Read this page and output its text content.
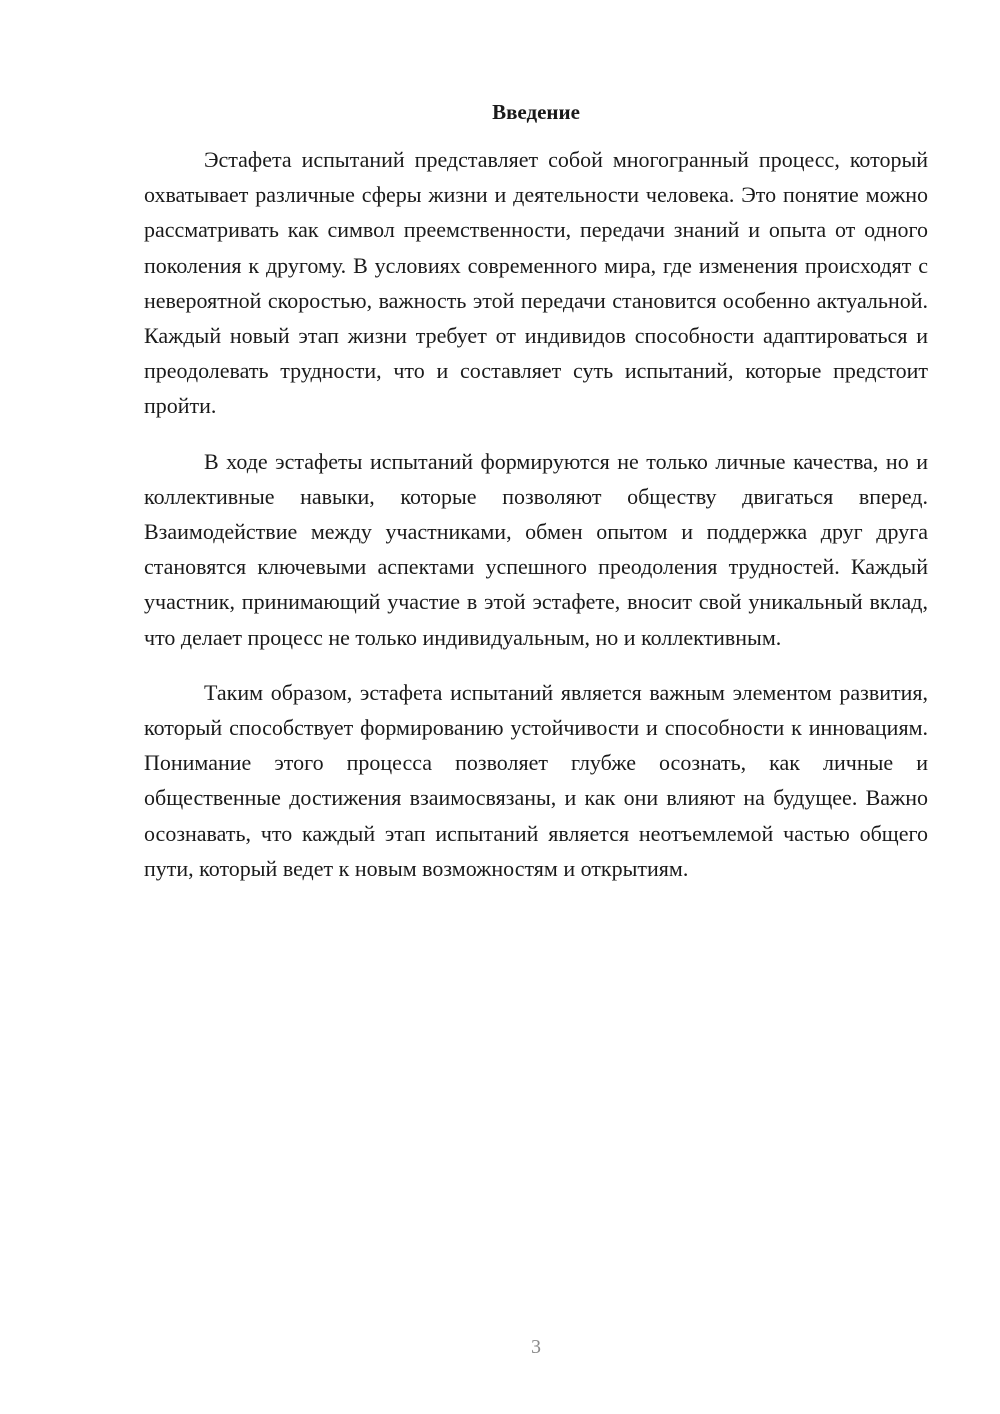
Введение

Эстафета испытаний представляет собой многогранный процесс, который охватывает различные сферы жизни и деятельности человека. Это понятие можно рассматривать как символ преемственности, передачи знаний и опыта от одного поколения к другому. В условиях современного мира, где изменения происходят с невероятной скоростью, важность этой передачи становится особенно актуальной. Каждый новый этап жизни требует от индивидов способности адаптироваться и преодолевать трудности, что и составляет суть испытаний, которые предстоит пройти.

В ходе эстафеты испытаний формируются не только личные качества, но и коллективные навыки, которые позволяют обществу двигаться вперед. Взаимодействие между участниками, обмен опытом и поддержка друг друга становятся ключевыми аспектами успешного преодоления трудностей. Каждый участник, принимающий участие в этой эстафете, вносит свой уникальный вклад, что делает процесс не только индивидуальным, но и коллективным.

Таким образом, эстафета испытаний является важным элементом развития, который способствует формированию устойчивости и способности к инновациям. Понимание этого процесса позволяет глубже осознать, как личные и общественные достижения взаимосвязаны, и как они влияют на будущее. Важно осознавать, что каждый этап испытаний является неотъемлемой частью общего пути, который ведет к новым возможностям и открытиям.

3
